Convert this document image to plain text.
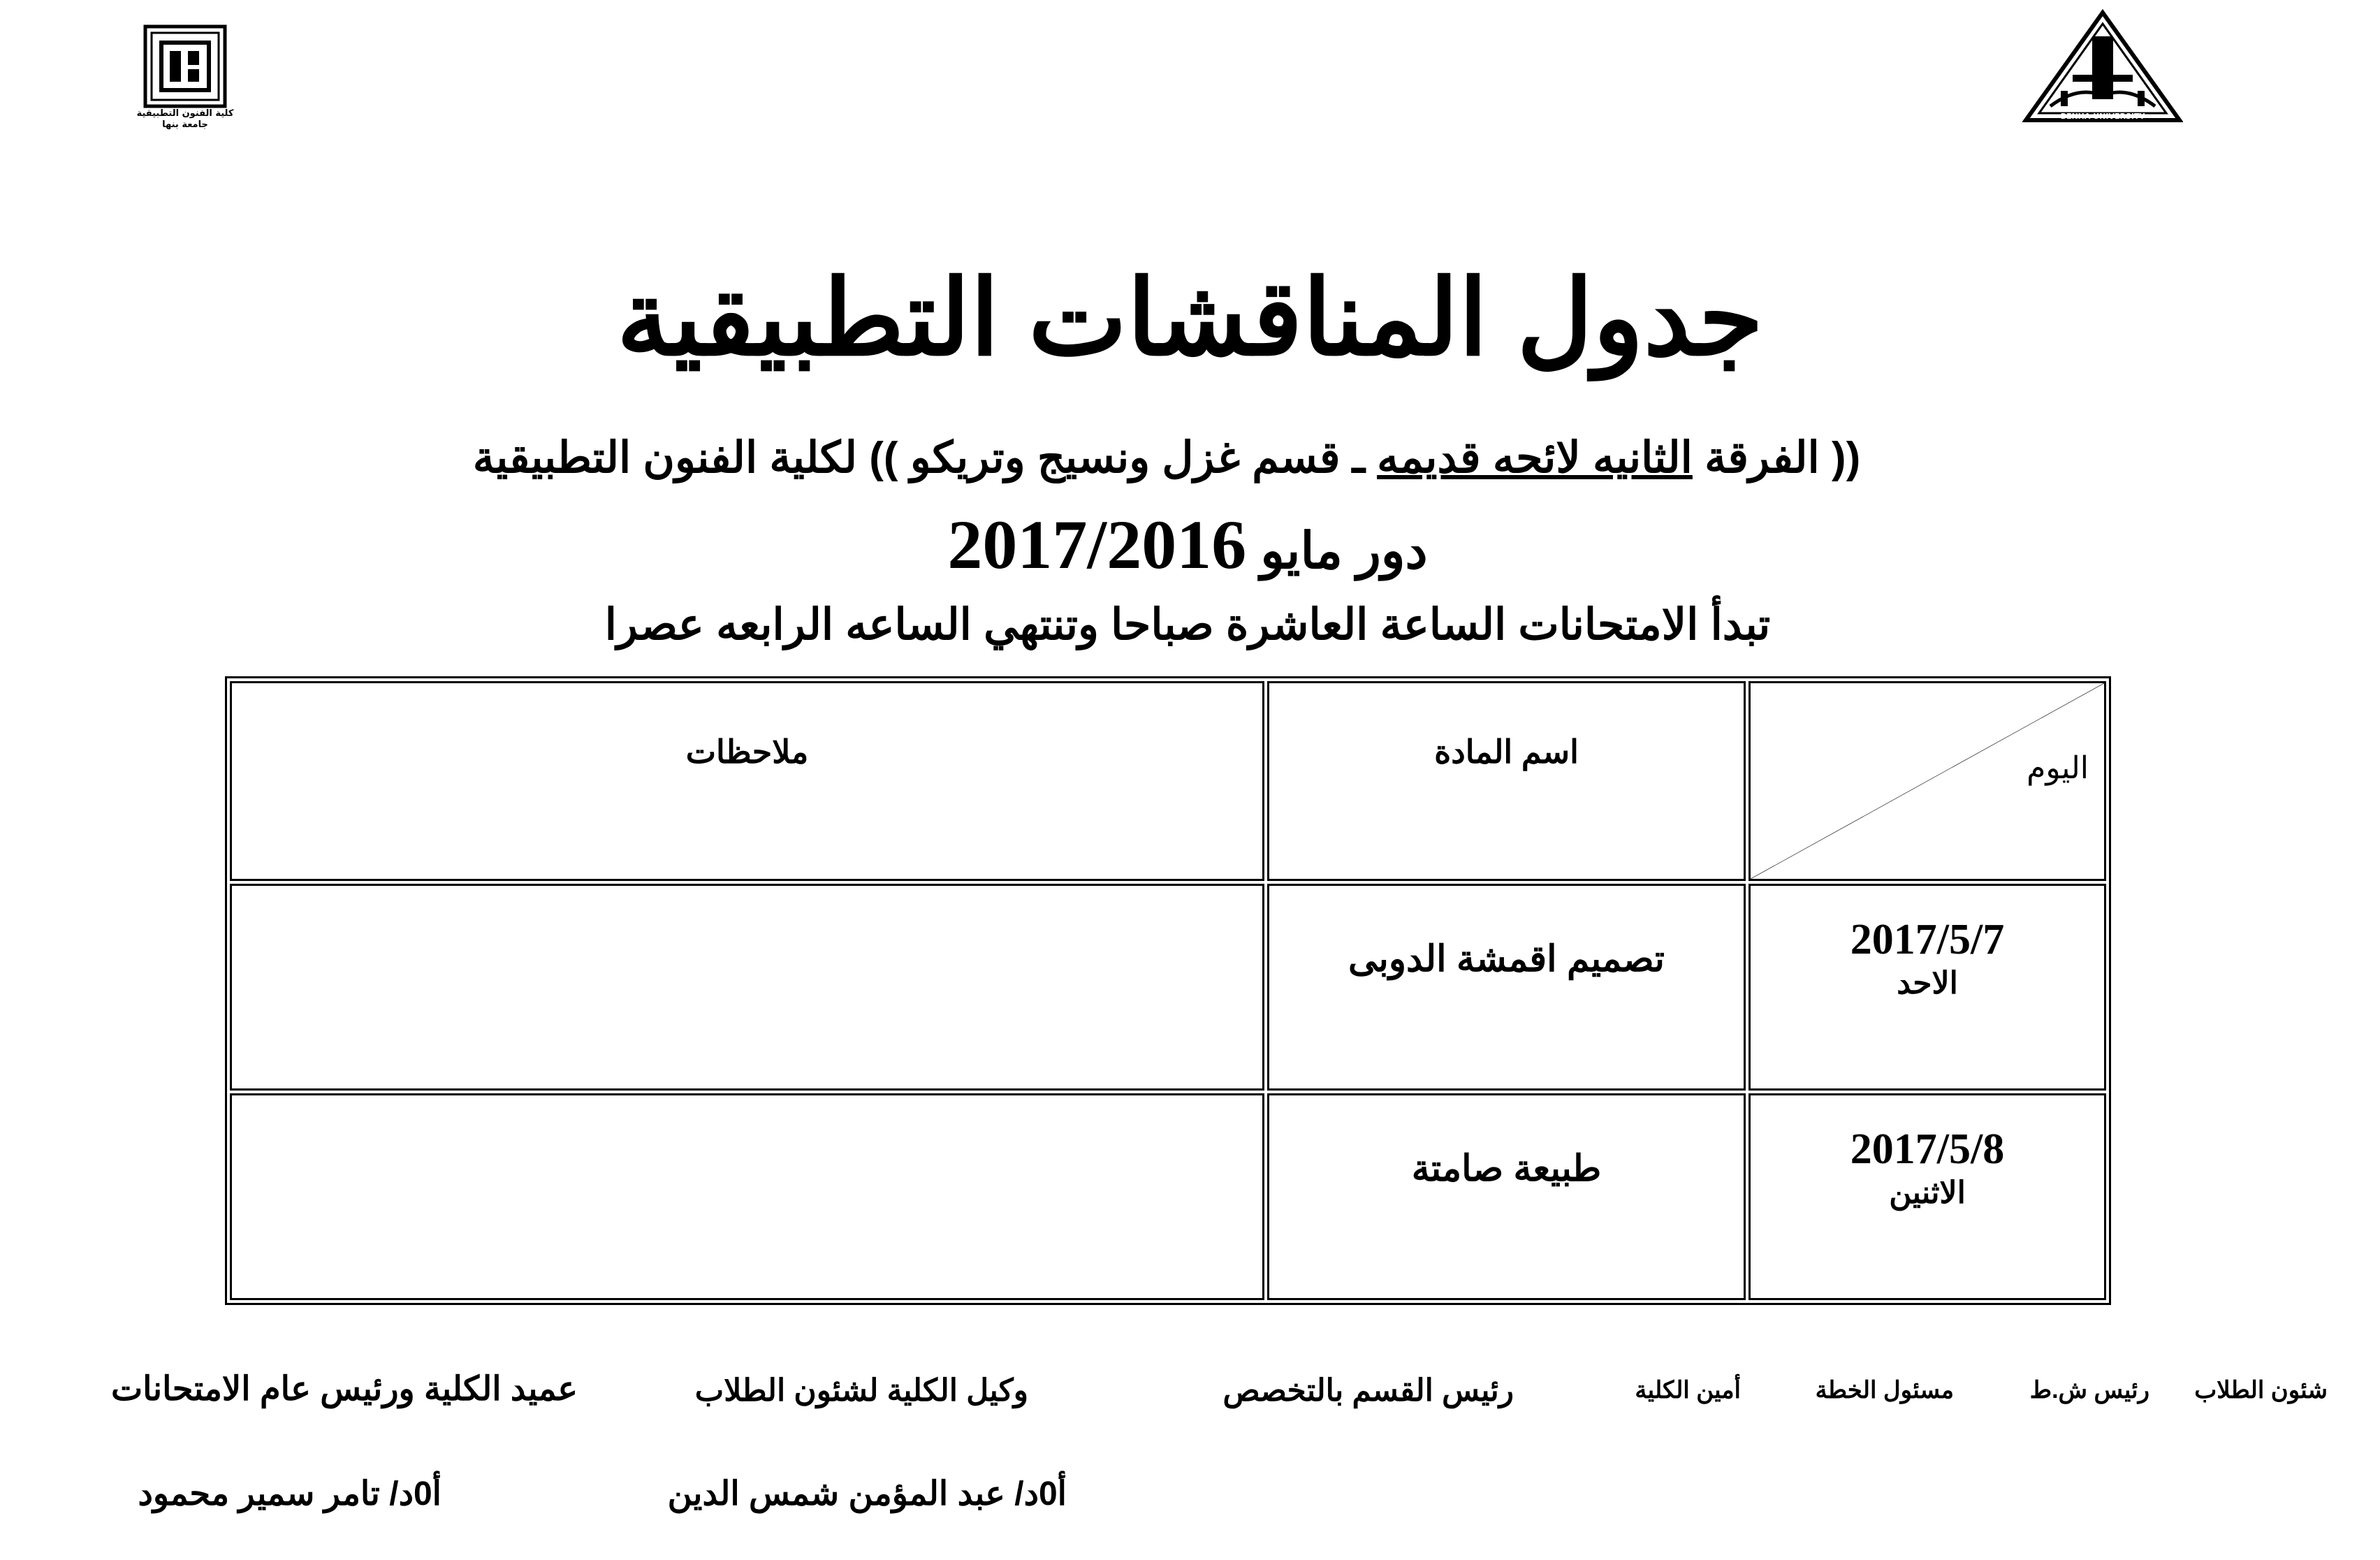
BENHA UNIVERSITY
كلية الفنون التطبيقية
جامعة بنها
جدول المناقشات التطبيقية
(( الفرقة الثانيه لائحه قديمه ـ قسم غزل ونسيج وتريكو )) لكلية الفنون التطبيقية
دور مايو 2017/2016
تبدأ الامتحانات الساعة العاشرة صباحا وتنتهي الساعه الرابعه عصرا
اليوم	اسم المادة	ملاحظات

2017/5/7
الاحد	تصميم اقمشة الدوبى	

2017/5/8
الاثنين	طبيعة صامتة	
شئون الطلاب
رئيس ش.ط
مسئول الخطة
أمين الكلية
رئيس القسم بالتخصص
وكيل الكلية لشئون الطلاب
عميد الكلية ورئيس عام الامتحانات
أ0د/ عبد المؤمن شمس الدين
أ0د/ تامر سمير محمود
